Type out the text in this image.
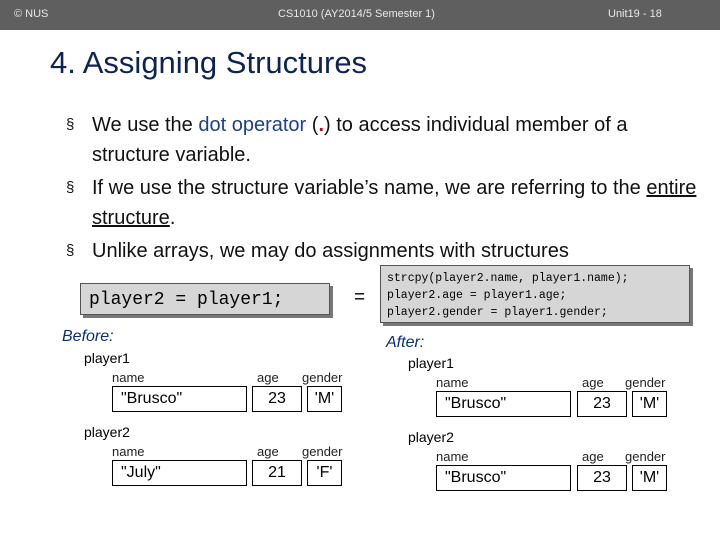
© NUS	CS1010 (AY2014/5 Semester 1)	Unit19 - 18
4. Assigning Structures
§ We use the dot operator (.) to access individual member of a structure variable.
§ If we use the structure variable’s name, we are referring to the entire structure.
§ Unlike arrays, we may do assignments with structures
player2 = player1;	=
strcpy(player2.name, player1.name);
player2.age = player1.age;
player2.gender = player1.gender;
Before:
player1
name	age gender
"Brusco"	23	'M'
player2
name	age gender
"July"	21	'F'
After:
player1
name	age gender
"Brusco"	23	'M'
player2
name	age gender
"Brusco"	23	'M'
